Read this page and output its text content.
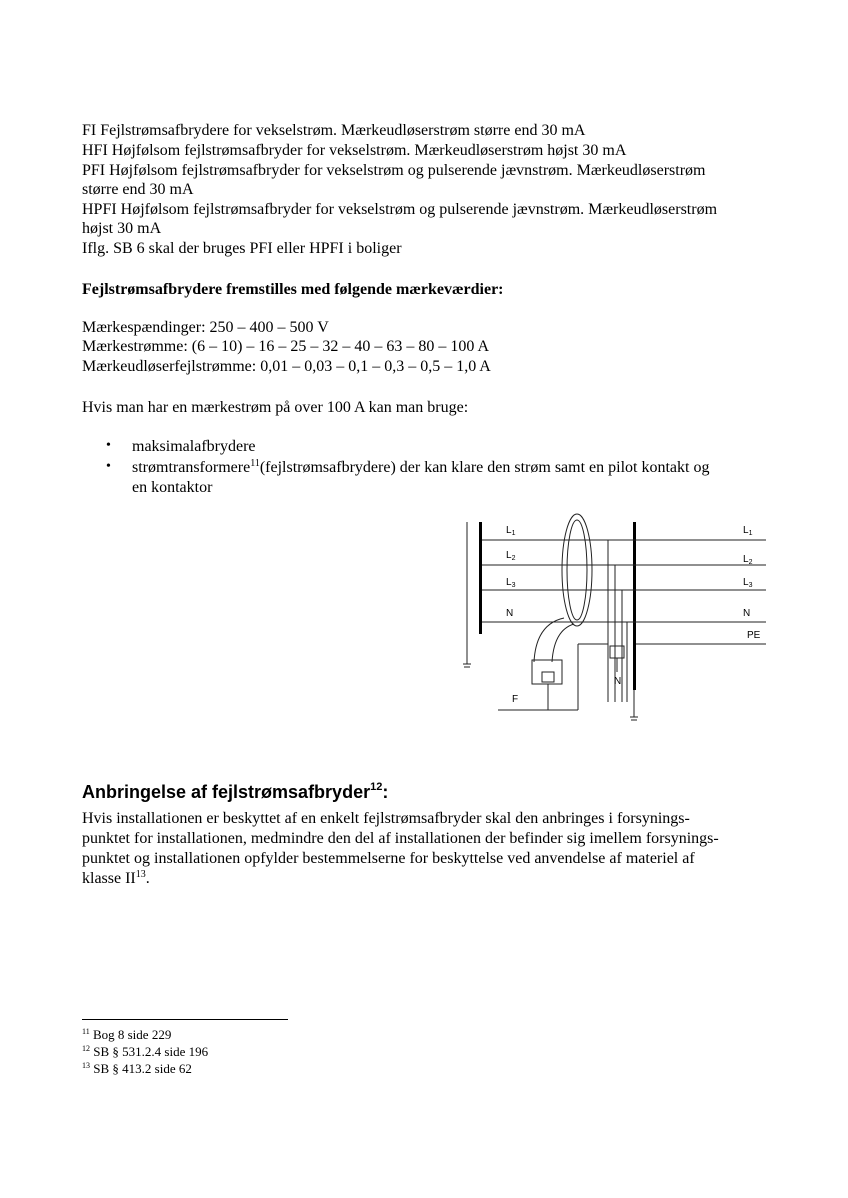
FI Fejlstrømsafbrydere for vekselstrøm. Mærkeudløserstrøm større end 30 mA
HFI Højfølsom fejlstrømsafbryder for vekselstrøm. Mærkeudløserstrøm højst 30 mA
PFI Højfølsom fejlstrømsafbryder for vekselstrøm og pulserende jævnstrøm. Mærkeudløserstrøm
større end 30 mA
HPFI Højfølsom fejlstrømsafbryder for vekselstrøm og pulserende jævnstrøm. Mærkeudløserstrøm
højst 30 mA
Iflg. SB 6 skal der bruges PFI eller HPFI i boliger
Fejlstrømsafbrydere fremstilles med følgende mærkeværdier:
Mærkespændinger: 250 – 400 – 500 V
Mærkestrømme: (6 – 10) – 16 – 25 – 32 – 40 – 63 – 80 – 100 A
Mærkeudløserfejlstrømme: 0,01 – 0,03 – 0,1 – 0,3 – 0,5 – 1,0 A
Hvis man har en mærkestrøm på over 100 A kan man bruge:
• maksimalafbrydere
• strømtransformere$^{11}$(fejlstrømsafbrydere) der kan klare den strøm samt en pilot kontakt og
en kontaktor
$L_1$
$L_2$
$L_3$
N
$L_1$
$L_2$
$L_3$
N
PE
F
N
Anbringelse af fejlstrømsafbryder$^{12}$:
Hvis installationen er beskyttet af en enkelt fejlstrømsafbryder skal den anbringes i forsynings-
punktet for installationen, medmindre den del af installationen der befinder sig imellem forsynings-
punktet og installationen opfylder bestemmelserne for beskyttelse ved anvendelse af materiel af
klasse II$^{13}$.
$^{11}$ Bog 8 side 229
$^{12}$ SB § 531.2.4 side 196
$^{13}$ SB § 413.2 side 62
